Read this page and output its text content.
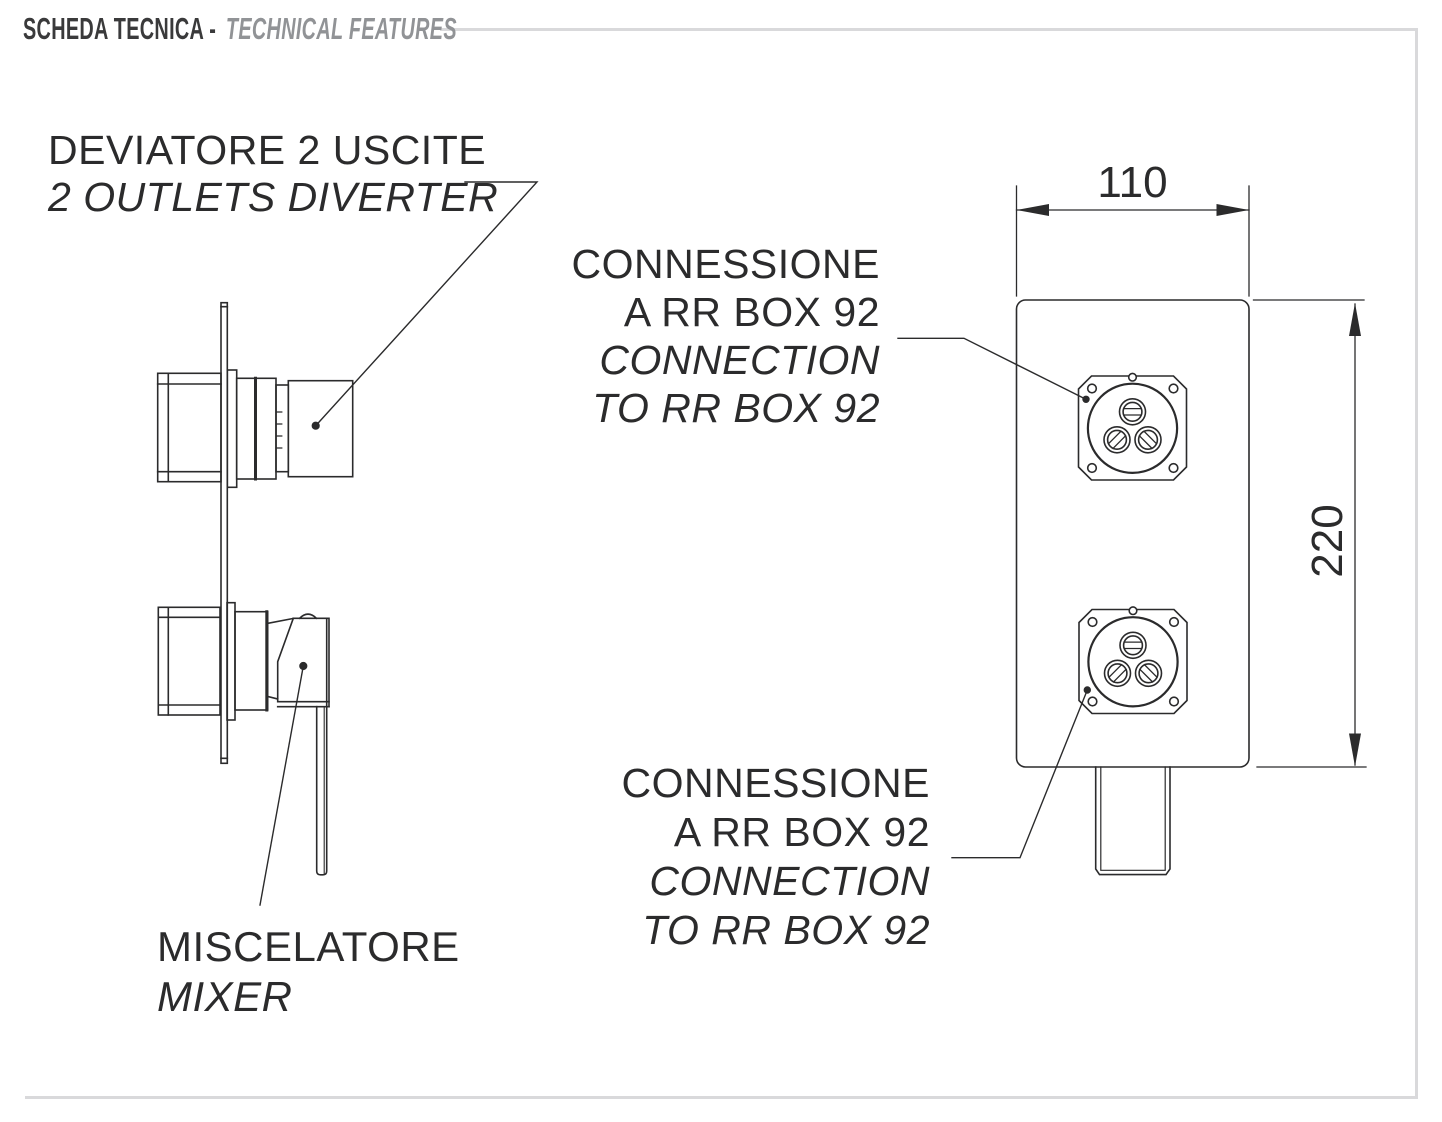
SCHEDA TECNICA - TECHNICAL FEATURES
DEVIATORE 2 USCITE
2 OUTLETS DIVERTER
CONNESSIONE
A RR BOX 92
CONNECTION
TO RR BOX 92
CONNESSIONE
A RR BOX 92
CONNECTION
TO RR BOX 92
MISCELATORE
MIXER
110
220
